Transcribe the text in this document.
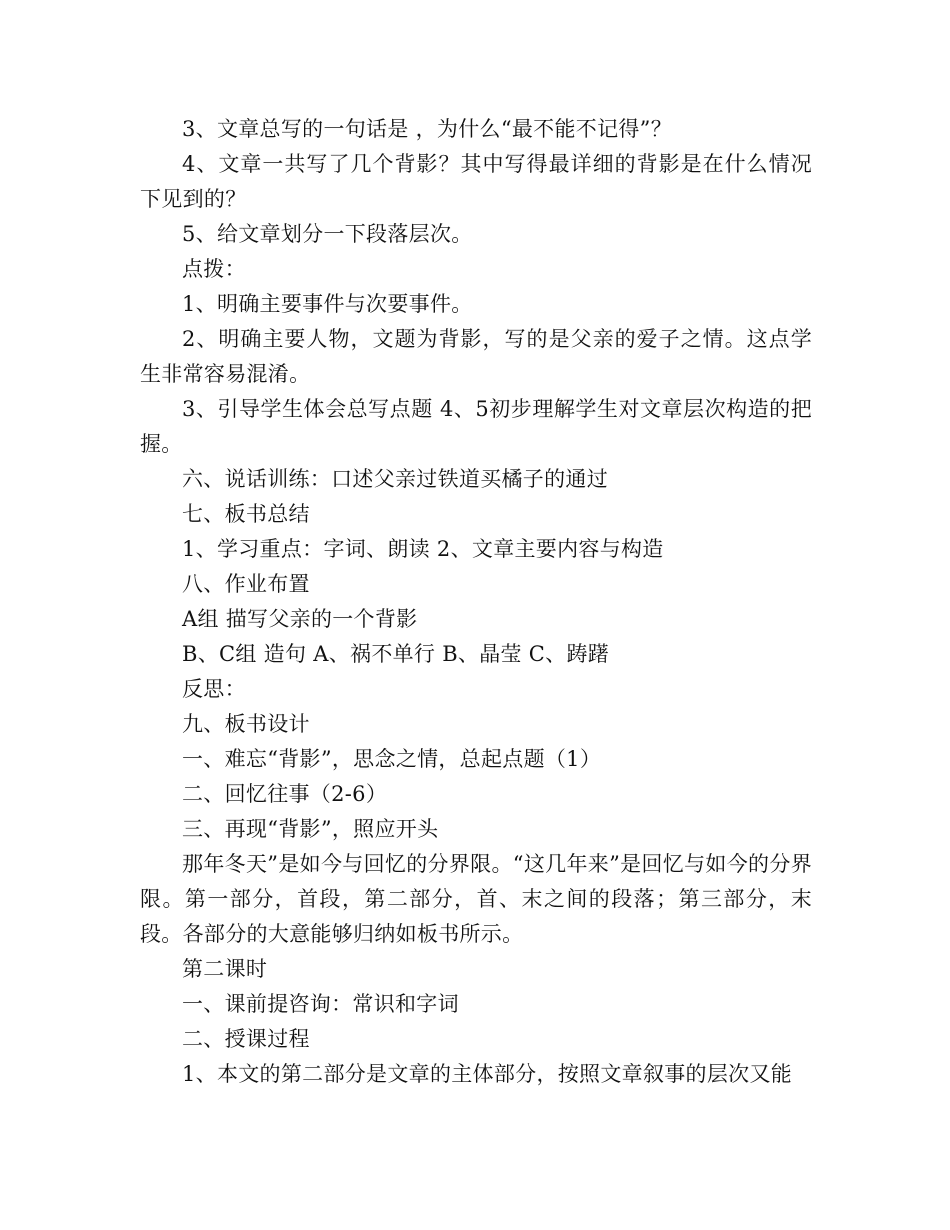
3、文章总写的一句话是 ，为什么“最不能不记得”？

4、文章一共写了几个背影？其中写得最详细的背影是在什么情况下见到的？

5、给文章划分一下段落层次。

点拨：

1、明确主要事件与次要事件。

2、明确主要人物，文题为背影，写的是父亲的爱子之情。这点学生非常容易混淆。

3、引导学生体会总写点题 4、5初步理解学生对文章层次构造的把握。

六、说话训练：口述父亲过铁道买橘子的通过

七、板书总结

1、学习重点：字词、朗读 2、文章主要内容与构造

八、作业布置

A组 描写父亲的一个背影

B、C组 造句 A、祸不单行 B、晶莹 C、踌躇

反思：

九、板书设计

一、难忘“背影”，思念之情，总起点题（1）

二、回忆往事（2-6）

三、再现“背影”，照应开头

那年冬天”是如今与回忆的分界限。“这几年来”是回忆与如今的分界限。第一部分，首段，第二部分，首、末之间的段落；第三部分，末段。各部分的大意能够归纳如板书所示。

第二课时

一、课前提咨询：常识和字词

二、授课过程

1、本文的第二部分是文章的主体部分，按照文章叙事的层次又能
